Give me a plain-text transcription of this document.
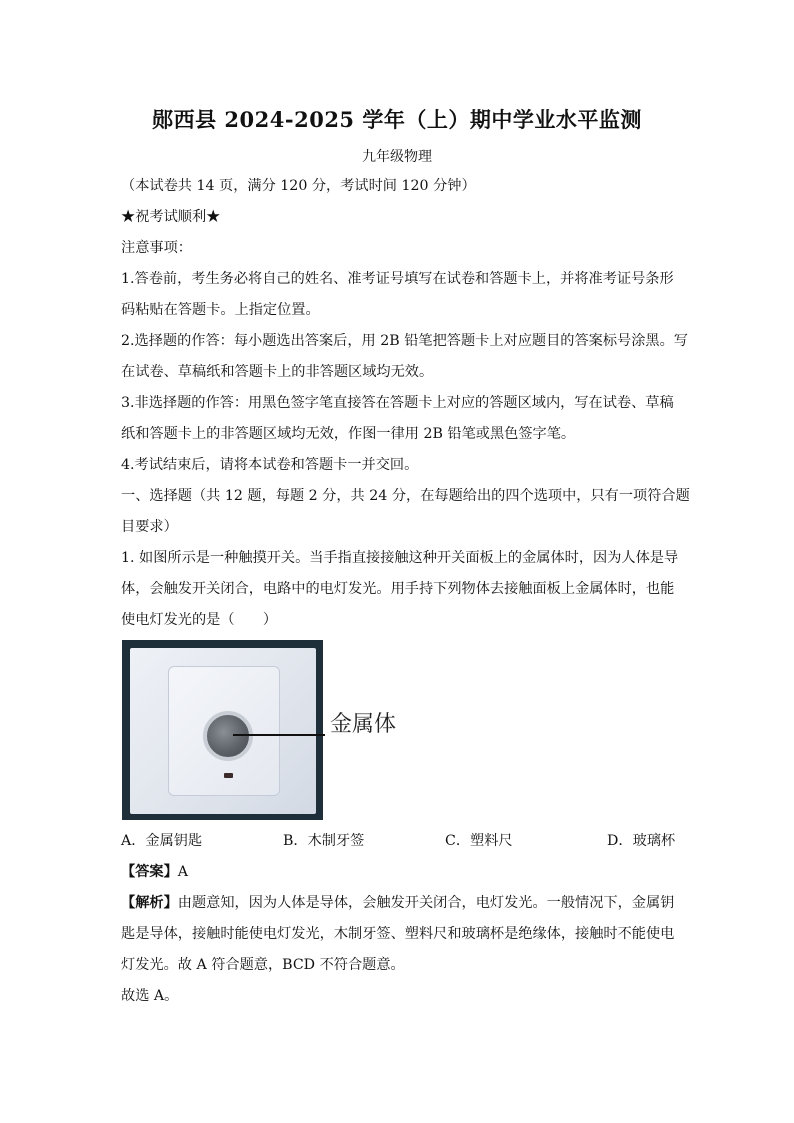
郧西县 2024-2025 学年（上）期中学业水平监测
九年级物理
（本试卷共 14 页，满分 120 分，考试时间 120 分钟）
★祝考试顺利★
注意事项：
1.答卷前，考生务必将自己的姓名、准考证号填写在试卷和答题卡上，并将准考证号条形
码粘贴在答题卡。上指定位置。
2.选择题的作答：每小题选出答案后，用 2B 铅笔把答题卡上对应题目的答案标号涂黑。写
在试卷、草稿纸和答题卡上的非答题区域均无效。
3.非选择题的作答：用黑色签字笔直接答在答题卡上对应的答题区域内，写在试卷、草稿
纸和答题卡上的非答题区域均无效，作图一律用 2B 铅笔或黑色签字笔。
4.考试结束后，请将本试卷和答题卡一并交回。
一、选择题（共 12 题，每题 2 分，共 24 分，在每题给出的四个选项中，只有一项符合题
目要求）
1. 如图所示是一种触摸开关。当手指直接接触这种开关面板上的金属体时，因为人体是导
体，会触发开关闭合，电路中的电灯发光。用手持下列物体去接触面板上金属体时，也能
使电灯发光的是（　　）
金属体
A．金属钥匙	B．木制牙签	C．塑料尺	D．玻璃杯
【答案】A
【解析】由题意知，因为人体是导体，会触发开关闭合，电灯发光。一般情况下，金属钥
匙是导体，接触时能使电灯发光，木制牙签、塑料尺和玻璃杯是绝缘体，接触时不能使电
灯发光。故 A 符合题意，BCD 不符合题意。
故选 A。
